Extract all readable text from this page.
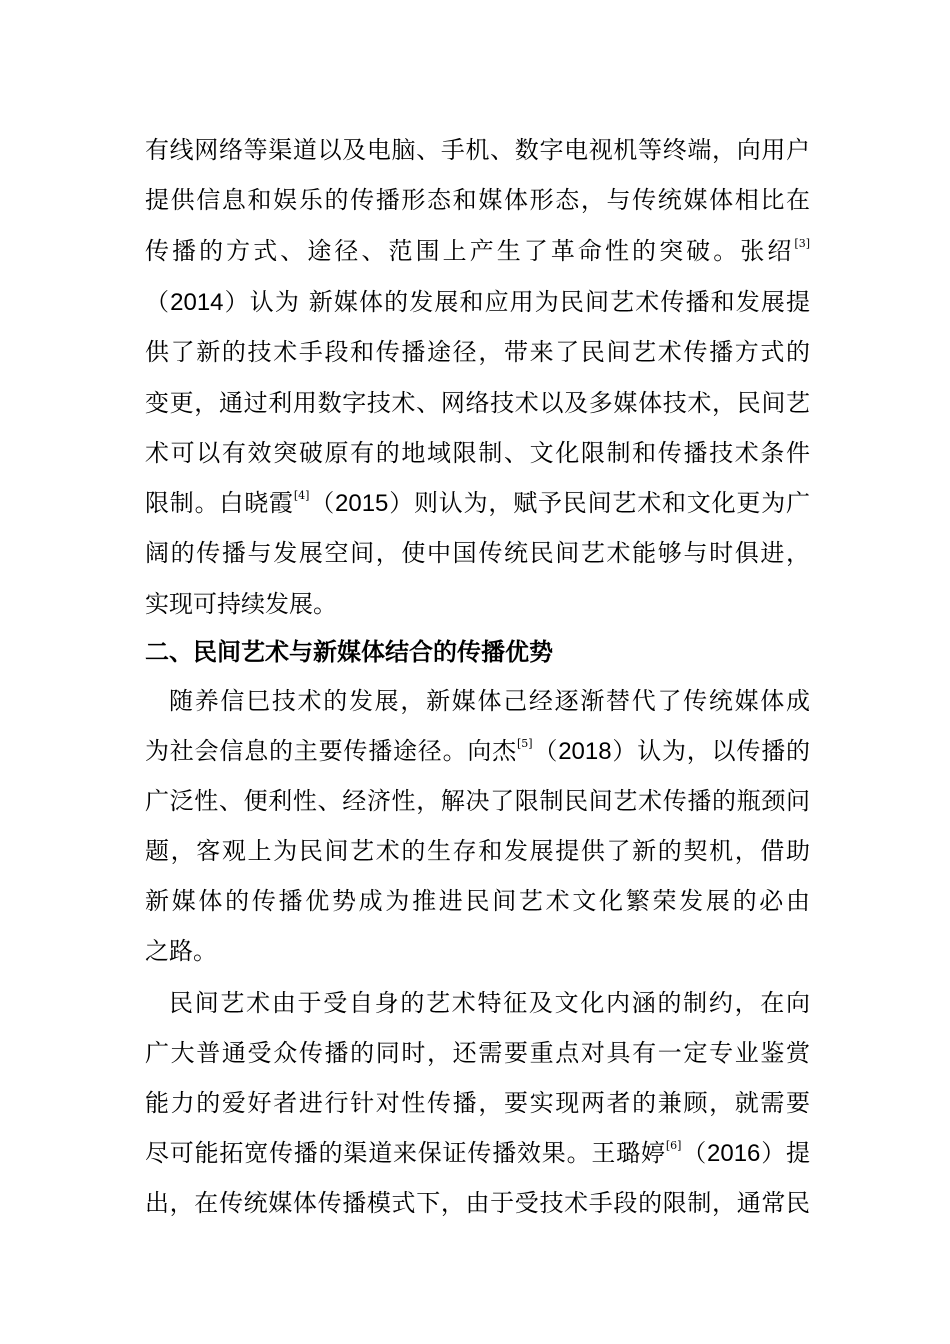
有线网络等渠道以及电脑、手机、数字电视机等终端，向用户
提供信息和娱乐的传播形态和媒体形态，与传统媒体相比在
传播的方式、途径、范围上产生了革命性的突破。张绍[3]
（2014）认为 新媒体的发展和应用为民间艺术传播和发展提
供了新的技术手段和传播途径，带来了民间艺术传播方式的
变更，通过利用数字技术、网络技术以及多媒体技术，民间艺
术可以有效突破原有的地域限制、文化限制和传播技术条件
限制。白晓霞[4]（2015）则认为，赋予民间艺术和文化更为广
阔的传播与发展空间，使中国传统民间艺术能够与时俱进，
实现可持续发展。
二、民间艺术与新媒体结合的传播优势
随养信巳技术的发展，新媒体己经逐渐替代了传统媒体成
为社会信息的主要传播途径。向杰[5]（2018）认为，以传播的
广泛性、便利性、经济性，解决了限制民间艺术传播的瓶颈问
题，客观上为民间艺术的生存和发展提供了新的契机，借助
新媒体的传播优势成为推进民间艺术文化繁荣发展的必由
之路。
民间艺术由于受自身的艺术特征及文化内涵的制约，在向
广大普通受众传播的同时，还需要重点对具有一定专业鉴赏
能力的爱好者进行针对性传播，要实现两者的兼顾，就需要
尽可能拓宽传播的渠道来保证传播效果。王璐婷[6]（2016）提
出，在传统媒体传播模式下，由于受技术手段的限制，通常民
